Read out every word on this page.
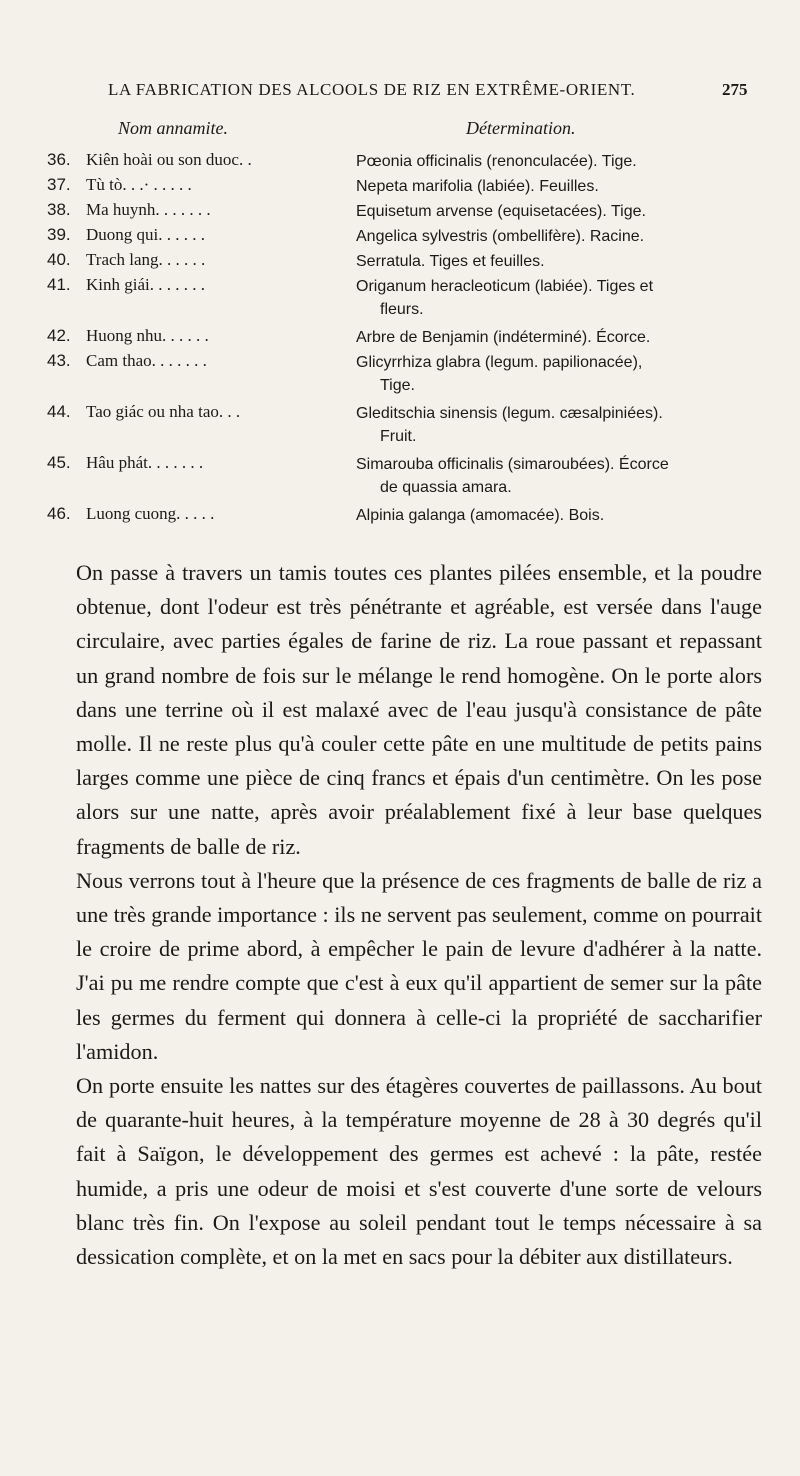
LA FABRICATION DES ALCOOLS DE RIZ EN EXTRÊME-ORIENT.	275
Nom annamite.	Détermination.
36. Kiên hoài ou son duoc. .	Pœonia officinalis (renonculacée). Tige.
37. Tù tò. . .· . . . . .	Nepeta marifolia (labiée). Feuilles.
38. Ma huynh. . . . . . .	Equisetum arvense (equisetacées). Tige.
39. Duong qui. . . . . .	Angelica sylvestris (ombellifère). Racine.
40. Trach lang. . . . . .	Serratula. Tiges et feuilles.
41. Kinh giái. . . . . . .	Origanum heracleoticum (labiée). Tiges et
fleurs.
42. Huong nhu. . . . . .	Arbre de Benjamin (indéterminé). Écorce.
43. Cam thao. . . . . . .	Glicyrrhiza glabra (legum. papilionacée),
Tige.
44. Tao giác ou nha tao. . .	Gleditschia sinensis (legum. cæsalpiniées).
Fruit.
45. Hâu phát. . . . . . .	Simarouba officinalis (simaroubées). Écorce
de quassia amara.
46. Luong cuong. . . . .	Alpinia galanga (amomacée). Bois.

On passe à travers un tamis toutes ces plantes pilées ensemble, et la poudre obtenue, dont l'odeur est très pénétrante et agréable, est versée dans l'auge circulaire, avec parties égales de farine de riz. La roue passant et repassant un grand nombre de fois sur le mélange le rend homogène. On le porte alors dans une terrine où il est malaxé avec de l'eau jusqu'à consistance de pâte molle. Il ne reste plus qu'à couler cette pâte en une multitude de petits pains larges comme une pièce de cinq francs et épais d'un centimètre. On les pose alors sur une natte, après avoir préalablement fixé à leur base quelques fragments de balle de riz.

Nous verrons tout à l'heure que la présence de ces fragments de balle de riz a une très grande importance : ils ne servent pas seulement, comme on pourrait le croire de prime abord, à empêcher le pain de levure d'adhérer à la natte. J'ai pu me rendre compte que c'est à eux qu'il appartient de semer sur la pâte les germes du ferment qui donnera à celle-ci la propriété de saccharifier l'amidon.

On porte ensuite les nattes sur des étagères couvertes de paillassons. Au bout de quarante-huit heures, à la température moyenne de 28 à 30 degrés qu'il fait à Saïgon, le développement des germes est achevé : la pâte, restée humide, a pris une odeur de moisi et s'est couverte d'une sorte de velours blanc très fin. On l'expose au soleil pendant tout le temps nécessaire à sa dessication complète, et on la met en sacs pour la débiter aux distillateurs.
